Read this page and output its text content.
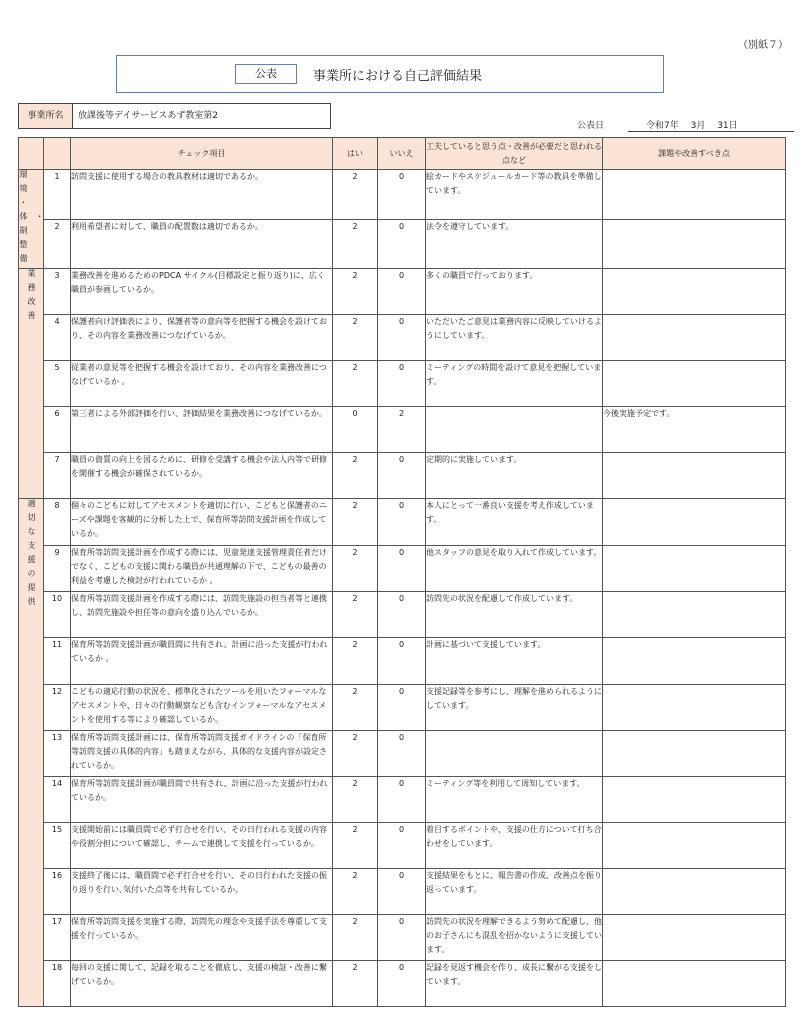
（別紙７）
公表	事業所における自己評価結果
事業所名	放課後等デイサービスあず教室第2
公表日	令和7年　 3月　 31日
		チェック項目	はい	いいえ	工夫していると思う点・改善が必要だと思われる点など	課題や改善すべき点

環境・体制整備 ・　　　	1	訪問支援に使用する場合の教具教材は適切であるか。	2	0	絵カードやスケジュールカード等の教具を準備しています。	
	2	利用希望者に対して、職員の配置数は適切であるか。	2	0	法令を遵守しています。	
業務改善	3	業務改善を進めるためのPDCA サイクル(目標設定と振り返り)に、広く職員が参画しているか。	2	0	多くの職員で行っております。	
	4	保護者向け評価表により、保護者等の意向等を把握する機会を設けており、その内容を業務改善につなげているか。	2	0	いただいたご意見は業務内容に反映していけるようにしています。	
	5	従業者の意見等を把握する機会を設けており、その内容を業務改善につなげているか 。	2	0	ミーティングの時間を設けて意見を把握しています。	
	6	第三者による外部評価を行い、評価結果を業務改善につなげているか。	0	2		今後実施予定です。
	7	職員の資質の向上を図るために、研修を受講する機会や法人内等で研修を開催する機会が確保されているか。	2	0	定期的に実施しています。	
適切な支援の提供	8	個々のこどもに対してアセスメントを適切に行い、こどもと保護者のニーズや課題を客観的に分析した上で、保育所等訪問支援計画を作成しているか。	2	0	本人にとって一番良い支援を考え作成しています。	
	9	保育所等訪問支援計画を作成する際には、児童発達支援管理責任者だけでなく、こどもの支援に関わる職員が共通理解の下で、こどもの最善の利益を考慮した検討が行われているか 。	2	0	他スタッフの意見を取り入れて作成しています。	
	10	保育所等訪問支援計画を作成する際には、訪問先施設の担当者等と連携し、訪問先施設や担任等の意向を盛り込んでいるか。	2	0	訪問先の状況を配慮して作成しています。	
	11	保育所等訪問支援計画が職員間に共有され、計画に沿った支援が行われているか 。	2	0	計画に基づいて支援しています。	
	12	こどもの適応行動の状況を、標準化されたツールを用いたフォーマルなアセスメントや、日々の行動観察なども含むインフォーマルなアセスメントを使用する等により確認しているか。	2	0	支援記録等を参考にし、理解を進められるようにしています。	
	13	保育所等訪問支援計画には、保育所等訪問支援ガイドラインの「保育所等訪問支援の具体的内容」も踏まえながら、具体的な支援内容が設定されているか。	2	0		
	14	保育所等訪問支援計画が職員間で共有され、計画に沿った支援が行われているか。	2	0	ミーティング等を利用して周知しています。	
	15	支援開始前には職員間で必ず打合せを行い、その日行われる支援の内容や役割分担について確認し、チームで連携して支援を行っているか。	2	0	着目するポイントや、支援の仕方について打ち合わせをしています。	
	16	支援終了後には、職員間で必ず打合せを行い、その日行われた支援の振り返りを行い､気付いた点等を共有しているか。	2	0	支援結果をもとに、報告書の作成、改善点を振り返っています。	
	17	保育所等訪問支援を実施する際、訪問先の理念や支援手法を尊重して支援を行っているか。	2	0	訪問先の状況を理解できるよう努めて配慮し、他のお子さんにも混乱を招かないように支援しています。	
	18	毎回の支援に関して、記録を取ることを徹底し、支援の検証・改善に繋げているか。	2	0	記録を見返す機会を作り、成長に繋がる支援をしています。	
